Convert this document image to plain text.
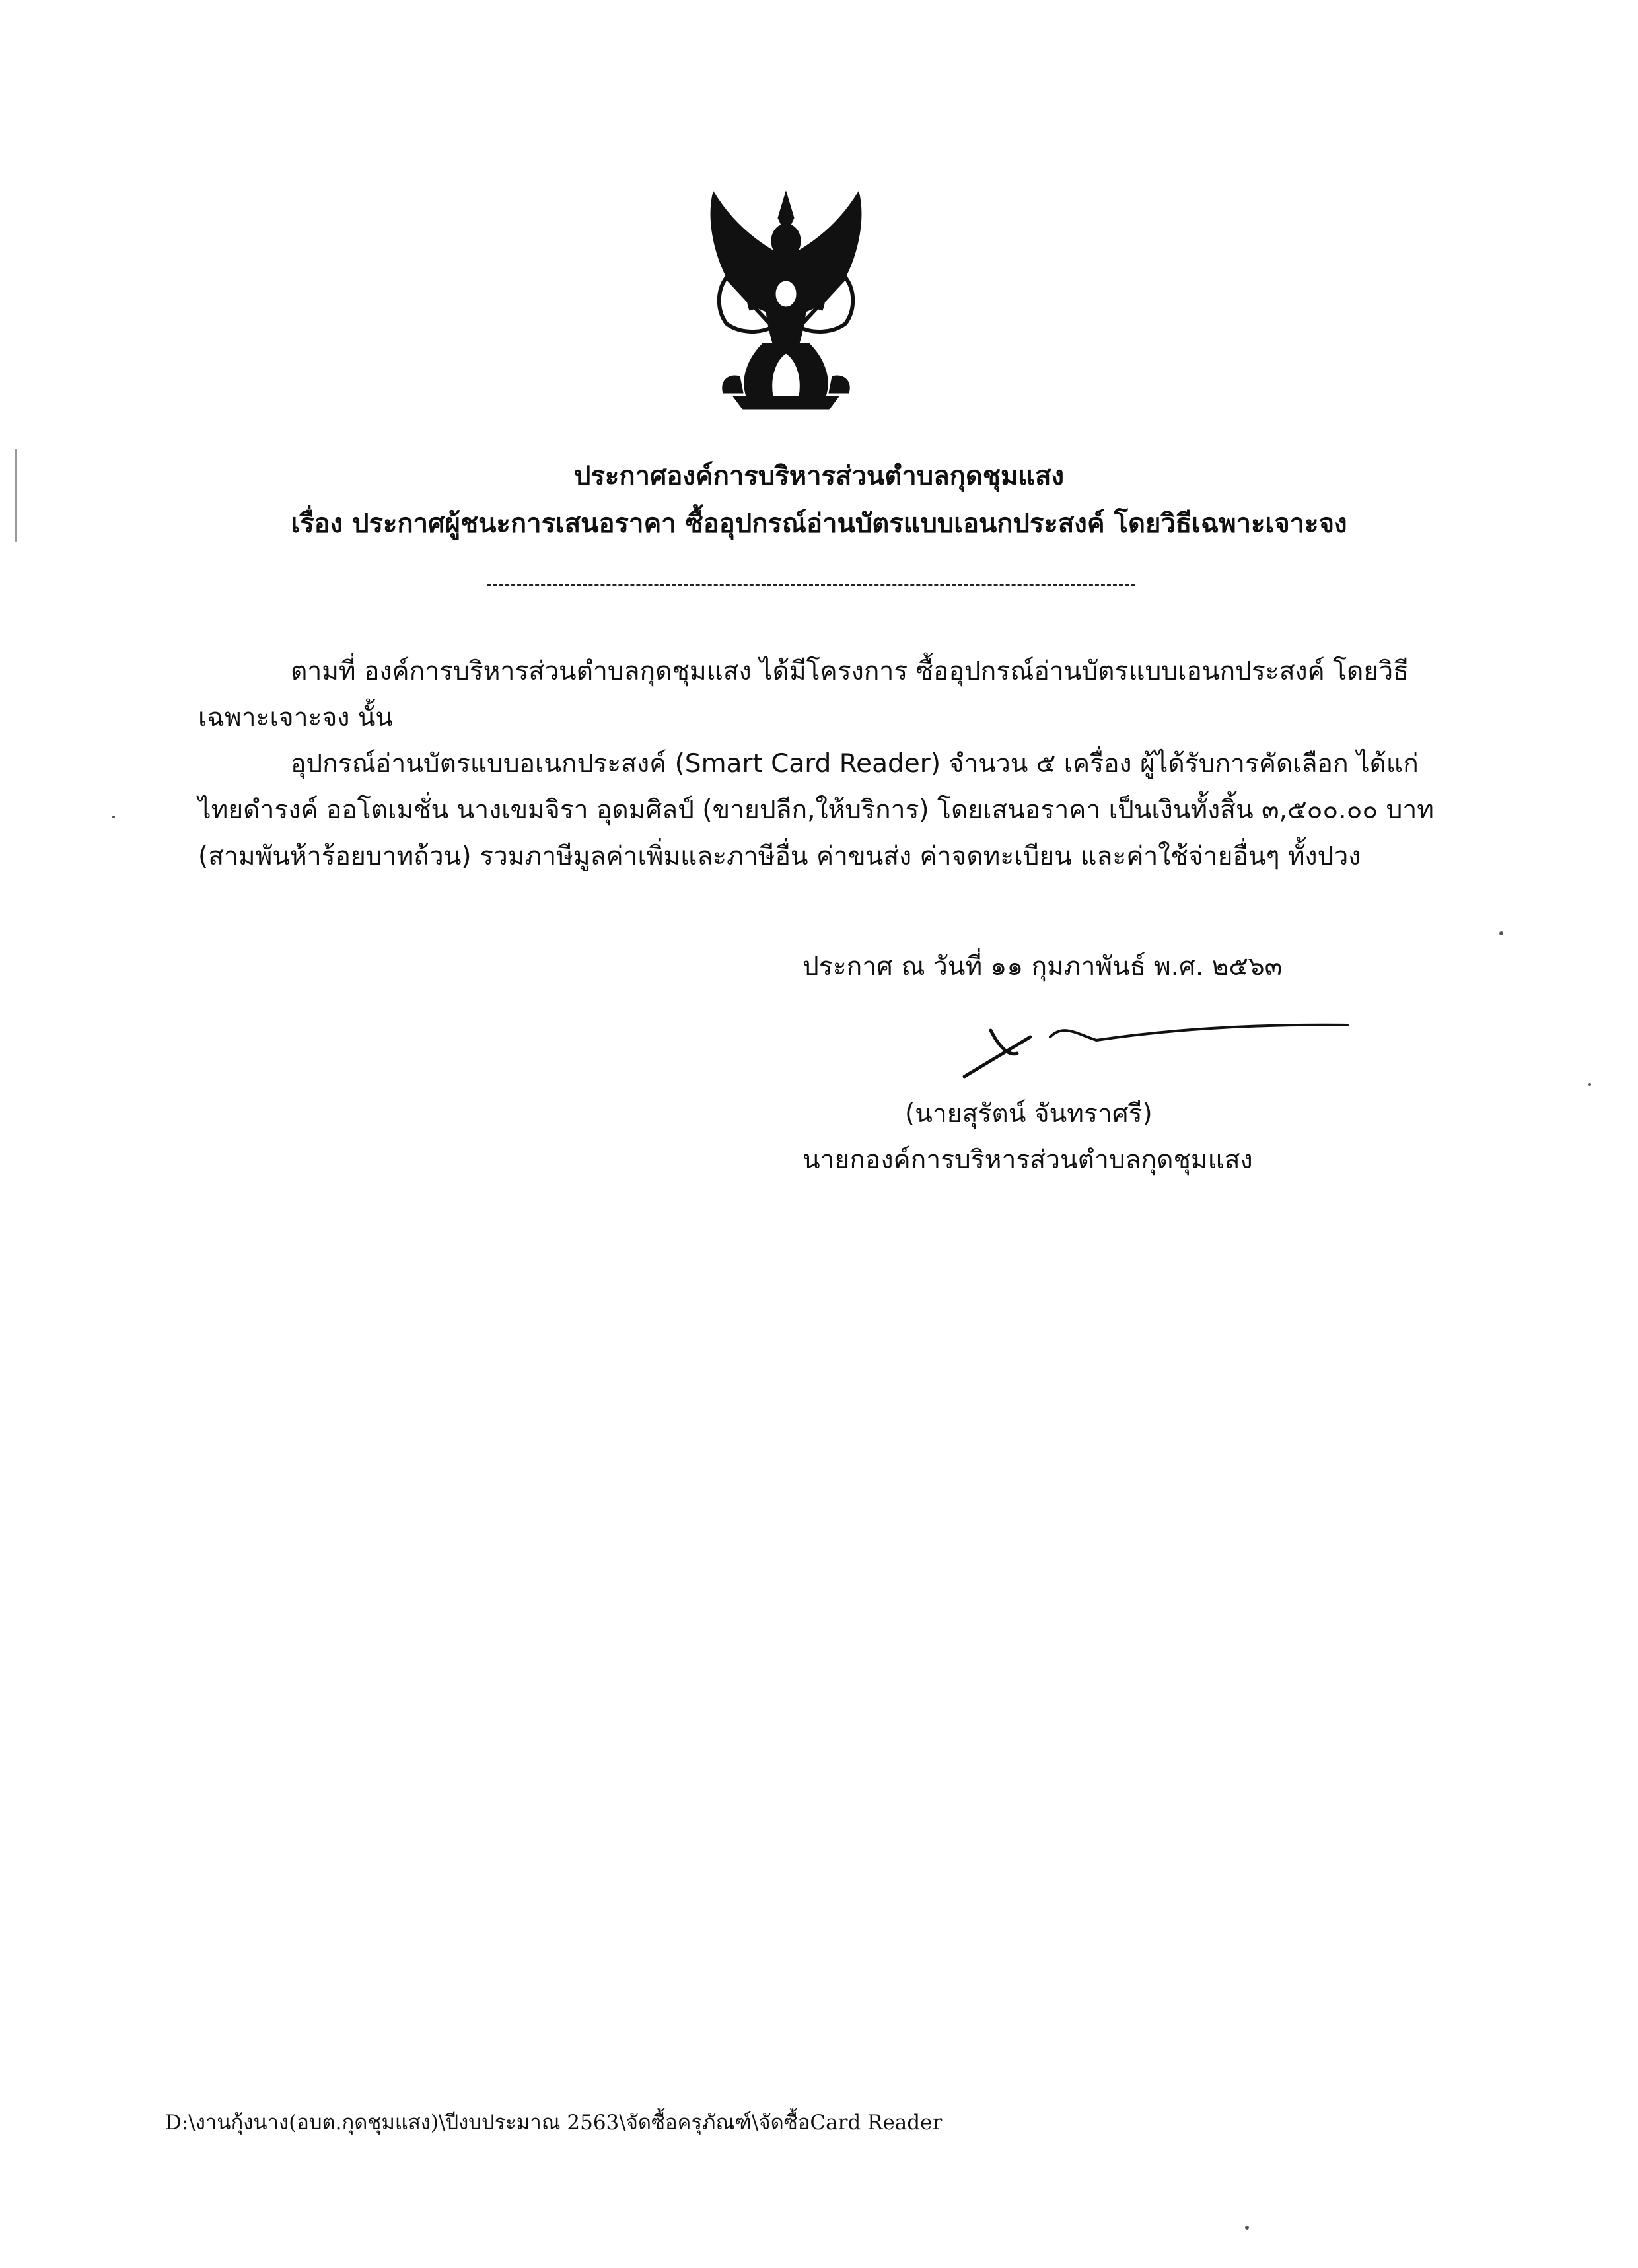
ประกาศองค์การบริหารส่วนตำบลกุดชุมแสง
เรื่อง ประกาศผู้ชนะการเสนอราคา ซื้ออุปกรณ์อ่านบัตรแบบเอนกประสงค์ โดยวิธีเฉพาะเจาะจง
ตามที่ องค์การบริหารส่วนตำบลกุดชุมแสง ได้มีโครงการ ซื้ออุปกรณ์อ่านบัตรแบบเอนกประสงค์ โดยวิธี
เฉพาะเจาะจง นั้น
อุปกรณ์อ่านบัตรแบบอเนกประสงค์ (Smart Card Reader) จำนวน ๕ เครื่อง ผู้ได้รับการคัดเลือก ได้แก่
ไทยดำรงค์ ออโตเมชั่น นางเขมจิรา อุดมศิลป์ (ขายปลีก,ให้บริการ) โดยเสนอราคา เป็นเงินทั้งสิ้น ๓,๕๐๐.๐๐ บาท
(สามพันห้าร้อยบาทถ้วน) รวมภาษีมูลค่าเพิ่มและภาษีอื่น ค่าขนส่ง ค่าจดทะเบียน และค่าใช้จ่ายอื่นๆ ทั้งปวง
ประกาศ ณ วันที่ ๑๑ กุมภาพันธ์ พ.ศ. ๒๕๖๓
(นายสุรัตน์ จันทราศรี)
นายกองค์การบริหารส่วนตำบลกุดชุมแสง
D:\งานกุ้งนาง(อบต.กุดชุมแสง)\ปีงบประมาณ 2563\จัดซื้อครุภัณฑ์\จัดซื้อCard Reader
